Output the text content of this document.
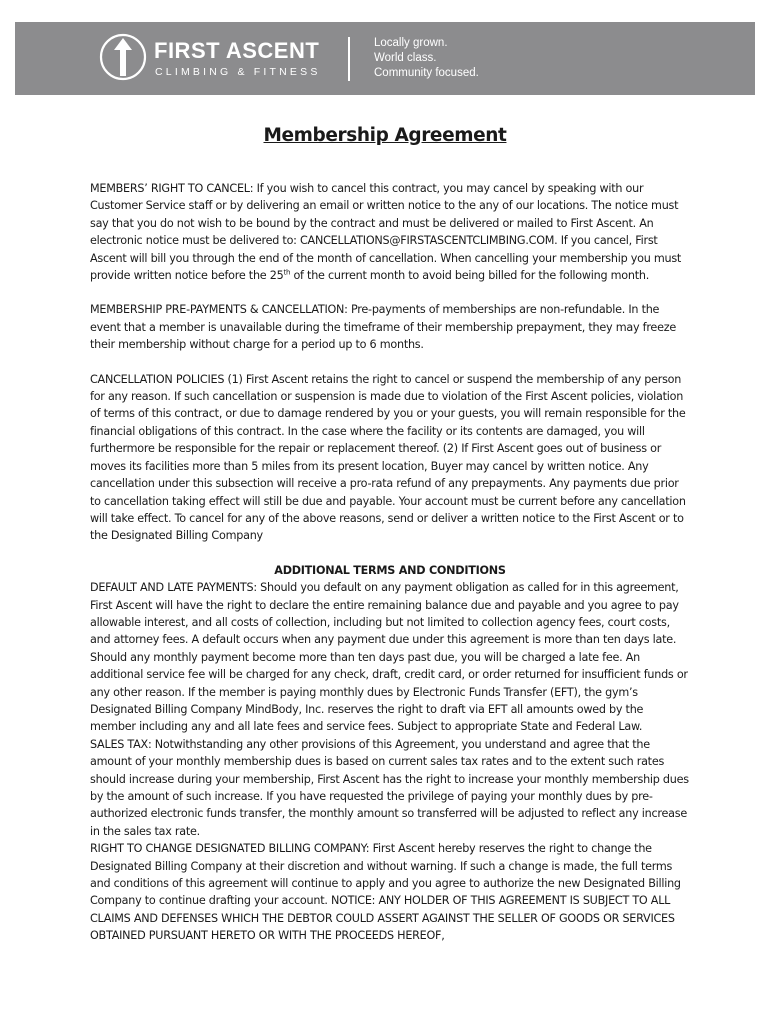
FIRST ASCENT
CLIMBING & FITNESS
Locally grown.
World class.
Community focused.
Membership Agreement

MEMBERS’ RIGHT TO CANCEL: If you wish to cancel this contract, you may cancel by speaking with our Customer Service staff or by delivering an email or written notice to the any of our locations. The notice must say that you do not wish to be bound by the contract and must be delivered or mailed to First Ascent. An electronic notice must be delivered to: CANCELLATIONS@FIRSTASCENTCLIMBING.COM. If you cancel, First Ascent will bill you through the end of the month of cancellation. When cancelling your membership you must provide written notice before the 25th of the current month to avoid being billed for the following month.

MEMBERSHIP PRE-PAYMENTS & CANCELLATION: Pre-payments of memberships are non-refundable. In the event that a member is unavailable during the timeframe of their membership prepayment, they may freeze their membership without charge for a period up to 6 months.

CANCELLATION POLICIES (1) First Ascent retains the right to cancel or suspend the membership of any person for any reason. If such cancellation or suspension is made due to violation of the First Ascent policies, violation of terms of this contract, or due to damage rendered by you or your guests, you will remain responsible for the financial obligations of this contract. In the case where the facility or its contents are damaged, you will furthermore be responsible for the repair or replacement thereof. (2) If First Ascent goes out of business or moves its facilities more than 5 miles from its present location, Buyer may cancel by written notice. Any cancellation under this subsection will receive a pro-rata refund of any prepayments. Any payments due prior to cancellation taking effect will still be due and payable. Your account must be current before any cancellation will take effect. To cancel for any of the above reasons, send or deliver a written notice to the First Ascent or to the Designated Billing Company

ADDITIONAL TERMS AND CONDITIONS

DEFAULT AND LATE PAYMENTS: Should you default on any payment obligation as called for in this agreement, First Ascent will have the right to declare the entire remaining balance due and payable and you agree to pay allowable interest, and all costs of collection, including but not limited to collection agency fees, court costs, and attorney fees. A default occurs when any payment due under this agreement is more than ten days late. Should any monthly payment become more than ten days past due, you will be charged a late fee. An additional service fee will be charged for any check, draft, credit card, or order returned for insufficient funds or any other reason. If the member is paying monthly dues by Electronic Funds Transfer (EFT), the gym’s Designated Billing Company MindBody, Inc. reserves the right to draft via EFT all amounts owed by the member including any and all late fees and service fees. Subject to appropriate State and Federal Law.

SALES TAX: Notwithstanding any other provisions of this Agreement, you understand and agree that the amount of your monthly membership dues is based on current sales tax rates and to the extent such rates should increase during your membership, First Ascent has the right to increase your monthly membership dues by the amount of such increase. If you have requested the privilege of paying your monthly dues by pre-authorized electronic funds transfer, the monthly amount so transferred will be adjusted to reflect any increase in the sales tax rate.

RIGHT TO CHANGE DESIGNATED BILLING COMPANY: First Ascent hereby reserves the right to change the Designated Billing Company at their discretion and without warning. If such a change is made, the full terms and conditions of this agreement will continue to apply and you agree to authorize the new Designated Billing Company to continue drafting your account. NOTICE: ANY HOLDER OF THIS AGREEMENT IS SUBJECT TO ALL CLAIMS AND DEFENSES WHICH THE DEBTOR COULD ASSERT AGAINST THE SELLER OF GOODS OR SERVICES OBTAINED PURSUANT HERETO OR WITH THE PROCEEDS HEREOF,
